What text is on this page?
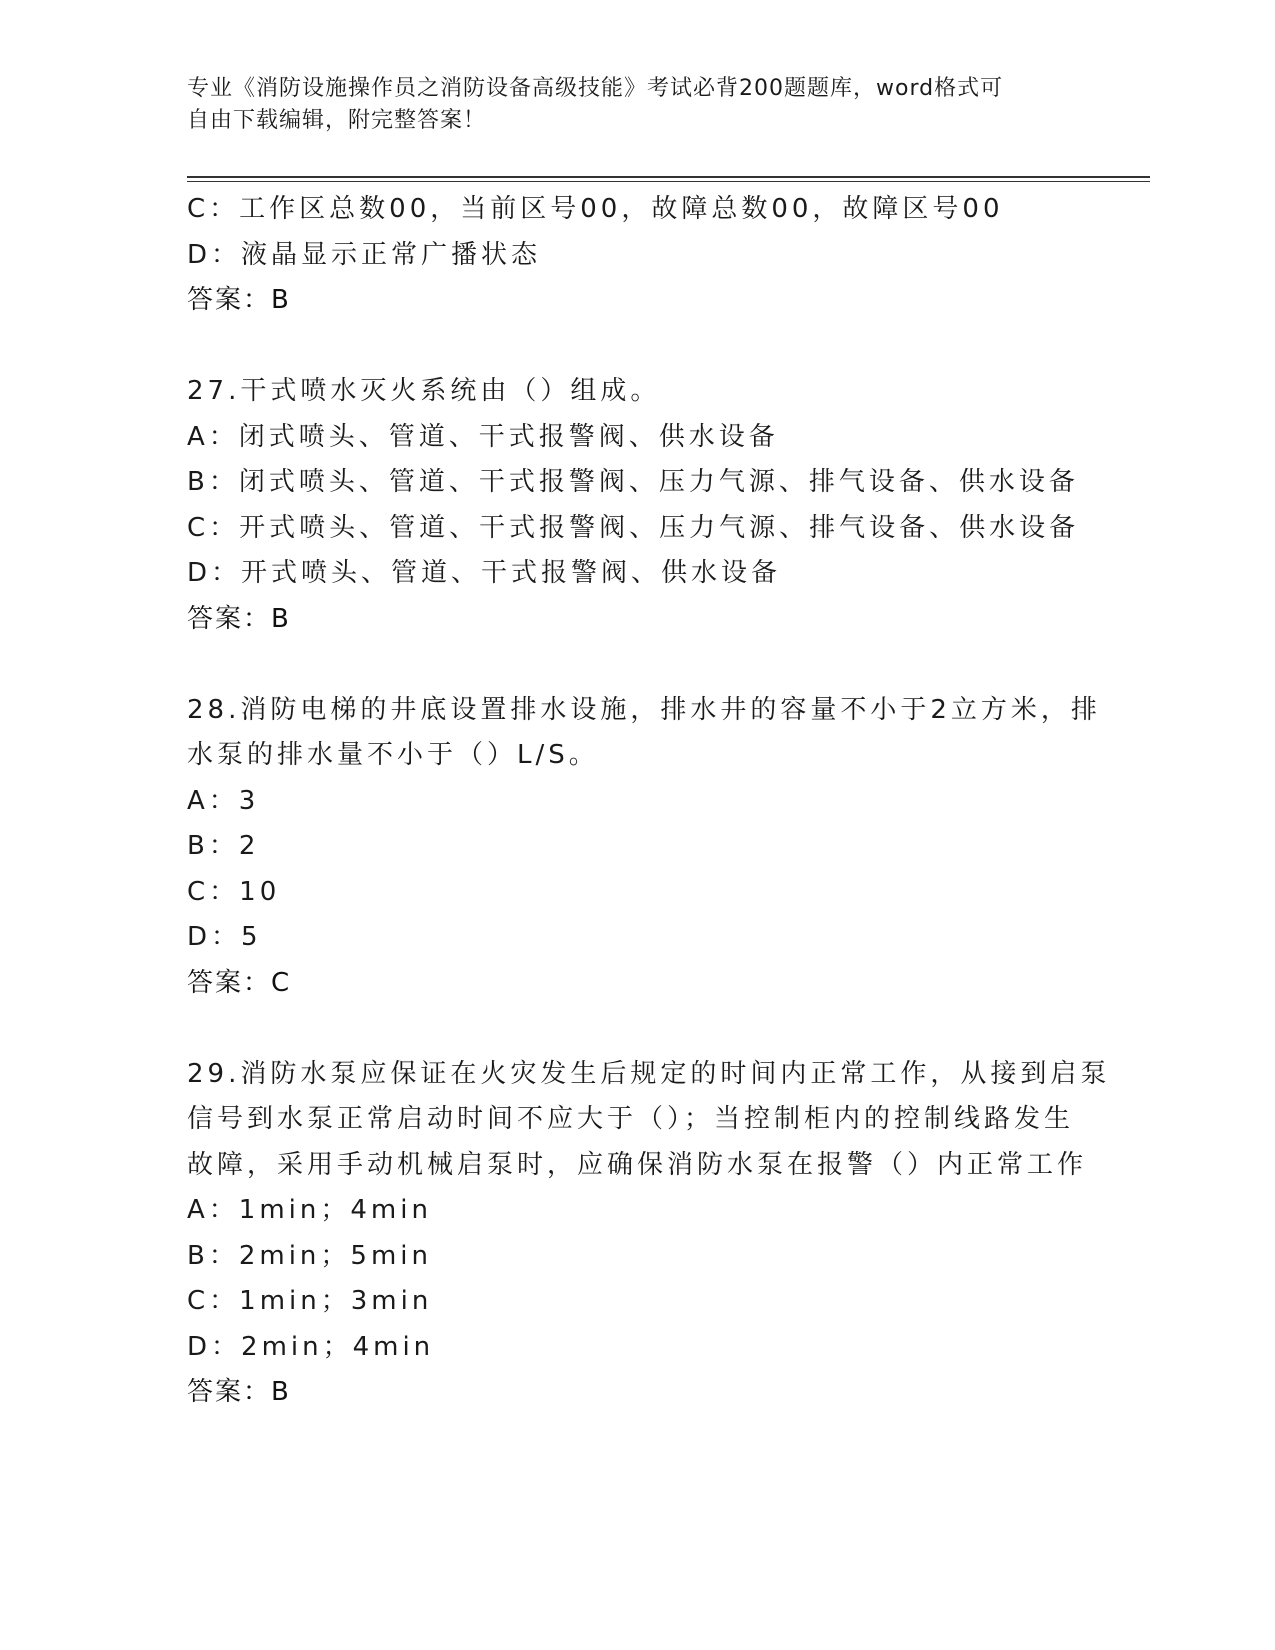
专业《消防设施操作员之消防设备高级技能》考试必背200题题库，word格式可
自由下载编辑，附完整答案！
C：工作区总数00，当前区号00，故障总数00，故障区号00
D：液晶显示正常广播状态
答案：B
27.干式喷水灭火系统由（）组成。
A：闭式喷头、管道、干式报警阀、供水设备
B：闭式喷头、管道、干式报警阀、压力气源、排气设备、供水设备
C：开式喷头、管道、干式报警阀、压力气源、排气设备、供水设备
D：开式喷头、管道、干式报警阀、供水设备
答案：B
28.消防电梯的井底设置排水设施，排水井的容量不小于2立方米，排
水泵的排水量不小于（）L/S。
A：3
B：2
C：10
D：5
答案：C
29.消防水泵应保证在火灾发生后规定的时间内正常工作，从接到启泵
信号到水泵正常启动时间不应大于（）；当控制柜内的控制线路发生
故障，采用手动机械启泵时，应确保消防水泵在报警（）内正常工作
A：1min；4min
B：2min；5min
C：1min；3min
D：2min；4min
答案：B
